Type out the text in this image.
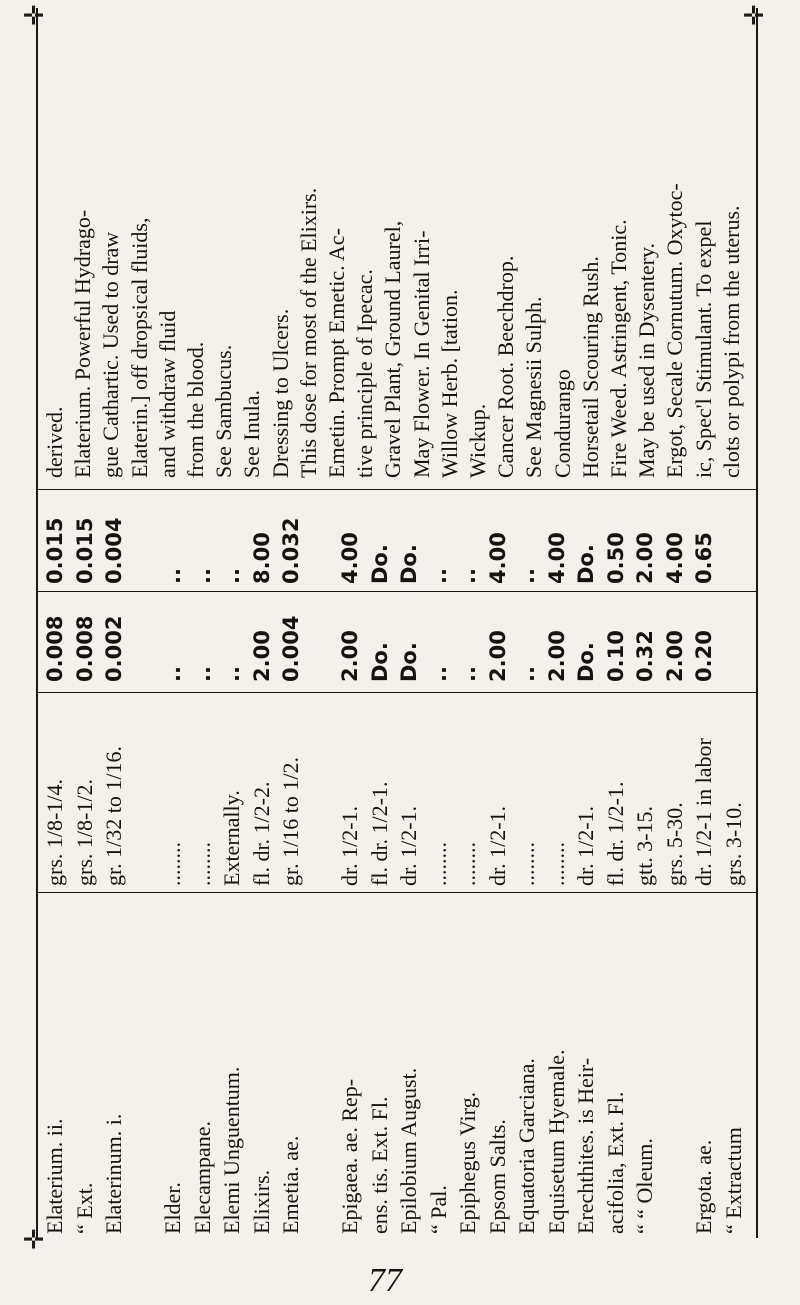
✛
✛	✛
Elaterium. ii. “ Ext. Elaterinum. i. Elder. Elecampane. Elemi Unguentum. Elixirs. Emetia. ae. Epigaea. ae. Rep- ens. tis. Ext. Fl. Epilobium August. “ Pal. Epiphegus Virg. Epsom Salts. Equatoria Garciana. Equisetum Hyemale. Erechthites. is Heir- acifolia, Ext. Fl. “ “ Oleum. Ergota. ae. “ Extractum
grs. 1/8-1/4. grs. 1/8-1/2. gr. 1/32 to 1/16. ........ ........ Externally. fl. dr. 1/2-2. gr. 1/16 to 1/2. dr. 1/2-1. fl. dr. 1/2-1. dr. 1/2-1. ........ ........ dr. 1/2-1. ........ ........ dr. 1/2-1. fl. dr. 1/2-1. gtt. 3-15. grs. 5-30. dr. 1/2-1 in labor grs. 3-10.
0.008 0.008 0.002 .. .. .. 2.00 0.004 2.00 Do. Do. .. .. 2.00 .. 2.00 Do. 0.10 0.32 2.00 0.20
0.015 0.015 0.004 .. .. .. 8.00 0.032 4.00 Do. Do. .. .. 4.00 .. 4.00 Do. 0.50 2.00 4.00 0.65
derived. Elaterium. Powerful Hydrago- gue Cathartic. Used to draw Elaterin.] off dropsical fluids, and withdraw fluid from the blood. See Sambucus. See Inula. Dressing to Ulcers. This dose for most of the Elixirs. Emetin. Prompt Emetic. Ac- tive principle of Ipecac. Gravel Plant, Ground Laurel, May Flower. In Genital Irri- Willow Herb. [tation. Wickup. Cancer Root. Beechdrop. See Magnesii Sulph. Condurango Horsetail Scouring Rush. Fire Weed. Astringent, Tonic. May be used in Dysentery. Ergot, Secale Cornutum. Oxytoc- ic, Spec'l Stimulant. To expel clots or polypi from the uterus.
77
